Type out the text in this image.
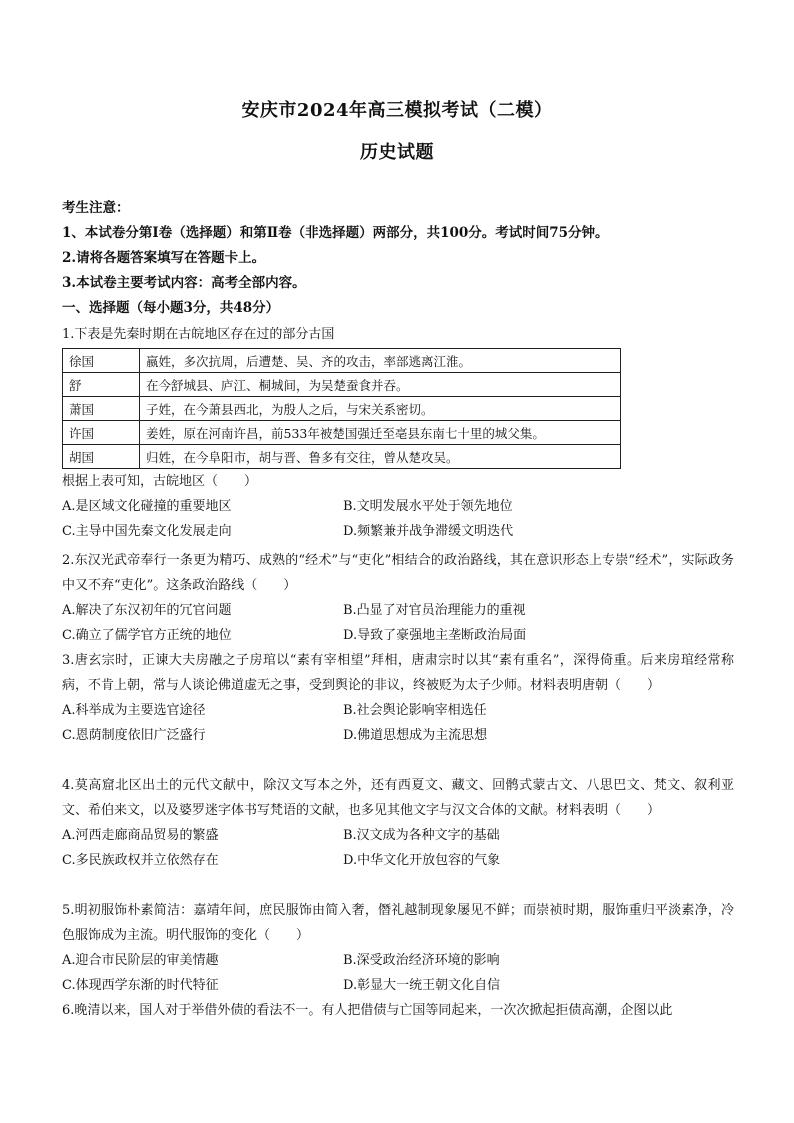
安庆市2024年高三模拟考试（二模）
历史试题
考生注意：
1、本试卷分第Ⅰ卷（选择题）和第Ⅱ卷（非选择题）两部分，共100分。考试时间75分钟。
2.请将各题答案填写在答题卡上。
3.本试卷主要考试内容：高考全部内容。
一、选择题（每小题3分，共48分）
1.下表是先秦时期在古皖地区存在过的部分古国
徐国	嬴姓，多次抗周，后遭楚、吴、齐的攻击，率部逃离江淮。
舒	在今舒城县、庐江、桐城间，为吴楚蚕食并吞。
萧国	子姓，在今萧县西北，为殷人之后，与宋关系密切。
许国	姜姓，原在河南许昌，前533年被楚国强迁至亳县东南七十里的城父集。
胡国	归姓，在今阜阳市，胡与晋、鲁多有交往，曾从楚攻吴。
根据上表可知，古皖地区（　　）
A.是区域文化碰撞的重要地区	B.文明发展水平处于领先地位
C.主导中国先秦文化发展走向	D.频繁兼并战争滞缓文明迭代
2.东汉光武帝奉行一条更为精巧、成熟的“经术”与“吏化”相结合的政治路线，其在意识形态上专崇“经术”，实际政务中又不弃“吏化”。这条政治路线（　　）
A.解决了东汉初年的冗官问题	B.凸显了对官员治理能力的重视
C.确立了儒学官方正统的地位	D.导致了豪强地主垄断政治局面
3.唐玄宗时，正谏大夫房融之子房琯以“素有宰相望”拜相，唐肃宗时以其“素有重名”，深得倚重。后来房琯经常称病，不肯上朝，常与人谈论佛道虚无之事，受到舆论的非议，终被贬为太子少师。材料表明唐朝（　　）
A.科举成为主要选官途径	B.社会舆论影响宰相选任
C.恩荫制度依旧广泛盛行	D.佛道思想成为主流思想
4.莫高窟北区出土的元代文献中，除汉文写本之外，还有西夏文、藏文、回鹘式蒙古文、八思巴文、梵文、叙利亚文、希伯来文，以及婆罗迷字体书写梵语的文献，也多见其他文字与汉文合体的文献。材料表明（　　）
A.河西走廊商品贸易的繁盛	B.汉文成为各种文字的基础
C.多民族政权并立依然存在	D.中华文化开放包容的气象
5.明初服饰朴素简洁：嘉靖年间，庶民服饰由简入奢，僭礼越制现象屡见不鲜；而崇祯时期，服饰重归平淡素净，冷色服饰成为主流。明代服饰的变化（　　）
A.迎合市民阶层的审美情趣	B.深受政治经济环境的影响
C.体现西学东渐的时代特征	D.彰显大一统王朝文化自信
6.晚清以来，国人对于举借外债的看法不一。有人把借债与亡国等同起来，一次次掀起拒债高潮，企图以此
